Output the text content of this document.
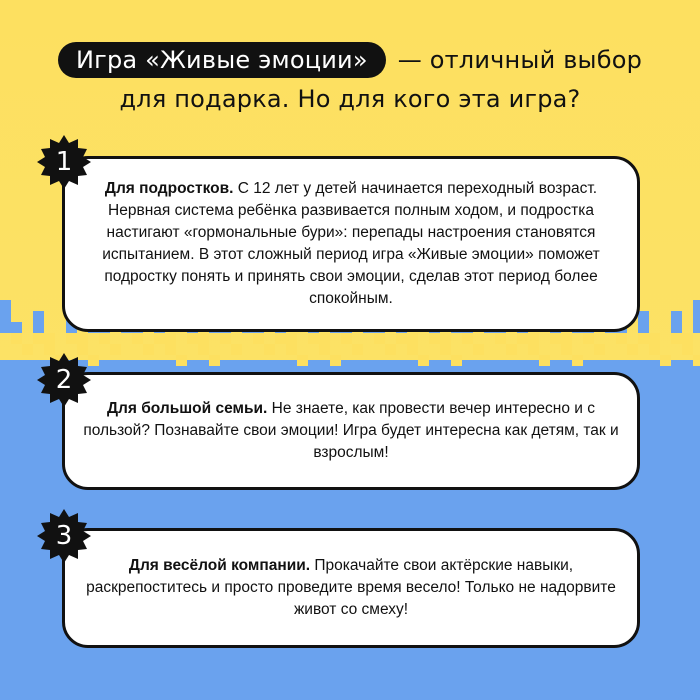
Игра «Живые эмоции»	— отличный выбор
для подарка. Но для кого эта игра?

Для подростков. С 12 лет у детей начинается переходный возраст. Нервная система ребёнка развивается полным ходом, и подростка настигают «гормональные бури»: перепады настроения становятся испытанием. В этот сложный период игра «Живые эмоции» поможет подростку понять и принять свои эмоции, сделав этот период более спокойным.

1

Для большой семьи. Не знаете, как провести вечер интересно и с пользой? Познавайте свои эмоции! Игра будет интересна как детям, так и взрослым!

2

Для весёлой компании. Прокачайте свои актёрские навыки, раскрепоститесь и просто проведите время весело! Только не надорвите живот со смеху!

3
